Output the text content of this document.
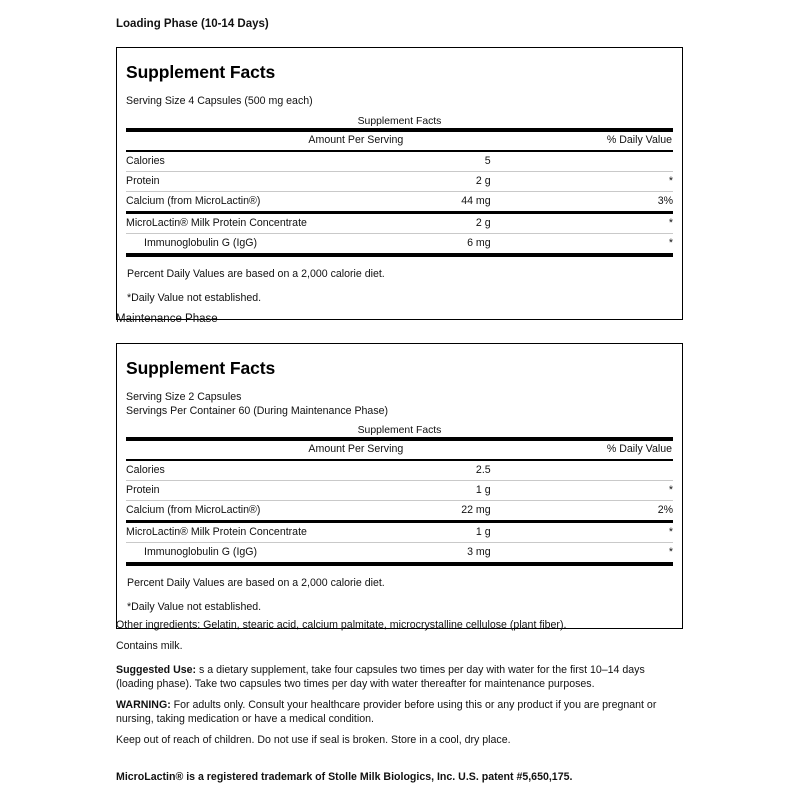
Loading Phase (10-14 Days)
Supplement Facts

Serving Size 4 Capsules (500 mg each)

Supplement Facts
Amount Per Serving		% Daily Value

Calories	5	

Protein	2 g	*

Calcium (from MicroLactin®)	44 mg	3%

MicroLactin® Milk Protein Concentrate	2 g	*

Immunoglobulin G (IgG)	6 mg	*

Percent Daily Values are based on a 2,000 calorie diet.

*Daily Value not established.

Maintenance Phase
Supplement Facts

Serving Size 2 Capsules

Servings Per Container 60 (During Maintenance Phase)

Supplement Facts
Amount Per Serving		% Daily Value

Calories	2.5	

Protein	1 g	*

Calcium (from MicroLactin®)	22 mg	2%

MicroLactin® Milk Protein Concentrate	1 g	*

Immunoglobulin G (IgG)	3 mg	*

Percent Daily Values are based on a 2,000 calorie diet.

*Daily Value not established.

Other ingredients: Gelatin, stearic acid, calcium palmitate, microcrystalline cellulose (plant fiber).

Contains milk.

Suggested Use: s a dietary supplement, take four capsules two times per day with water for the first 10–14 days (loading phase). Take two capsules two times per day with water thereafter for maintenance purposes.

WARNING: For adults only. Consult your healthcare provider before using this or any product if you are pregnant or nursing, taking medication or have a medical condition.

Keep out of reach of children. Do not use if seal is broken. Store in a cool, dry place.

MicroLactin® is a registered trademark of Stolle Milk Biologics, Inc. U.S. patent #5,650,175.
